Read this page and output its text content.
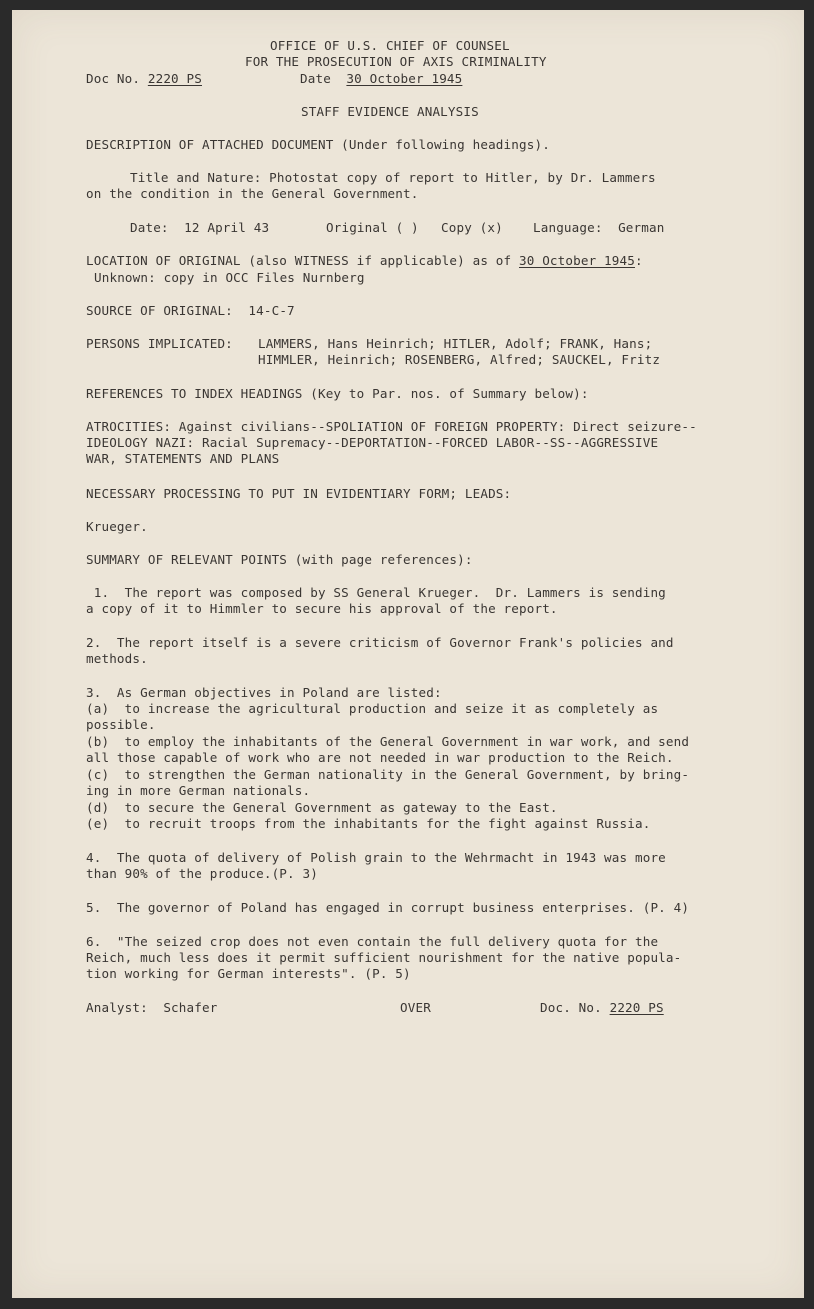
OFFICE OF U.S. CHIEF OF COUNSEL
FOR THE PROSECUTION OF AXIS CRIMINALITY
Doc No. 2220 PS	Date 30 October 1945
STAFF EVIDENCE ANALYSIS
DESCRIPTION OF ATTACHED DOCUMENT (Under following headings).
Title and Nature: Photostat copy of report to Hitler, by Dr. Lammers
on the condition in the General Government.
Date: 12 April 43	Original ( ) Copy (x) Language: German
LOCATION OF ORIGINAL (also WITNESS if applicable) as of 30 October 1945:
Unknown: copy in OCC Files Nurnberg
SOURCE OF ORIGINAL: 14-C-7
PERSONS IMPLICATED: LAMMERS, Hans Heinrich; HITLER, Adolf; FRANK, Hans;
HIMMLER, Heinrich; ROSENBERG, Alfred; SAUCKEL, Fritz
REFERENCES TO INDEX HEADINGS (Key to Par. nos. of Summary below):
ATROCITIES: Against civilians--SPOLIATION OF FOREIGN PROPERTY: Direct seizure--
IDEOLOGY NAZI: Racial Supremacy--DEPORTATION--FORCED LABOR--SS--AGGRESSIVE
WAR, STATEMENTS AND PLANS
NECESSARY PROCESSING TO PUT IN EVIDENTIARY FORM; LEADS:
Krueger.
SUMMARY OF RELEVANT POINTS (with page references):
1.  The report was composed by SS General Krueger.  Dr. Lammers is sending
a copy of it to Himmler to secure his approval of the report.
2.  The report itself is a severe criticism of Governor Frank's policies and
methods.
3.  As German objectives in Poland are listed:
(a)  to increase the agricultural production and seize it as completely as
possible.
(b)  to employ the inhabitants of the General Government in war work, and send
all those capable of work who are not needed in war production to the Reich.
(c)  to strengthen the German nationality in the General Government, by bring-
ing in more German nationals.
(d)  to secure the General Government as gateway to the East.
(e)  to recruit troops from the inhabitants for the fight against Russia.
4.  The quota of delivery of Polish grain to the Wehrmacht in 1943 was more
than 90% of the produce.(P. 3)
5.  The governor of Poland has engaged in corrupt business enterprises. (P. 4)
6.  "The seized crop does not even contain the full delivery quota for the
Reich, much less does it permit sufficient nourishment for the native popula-
tion working for German interests". (P. 5)
Analyst: Schafer	OVER	Doc. No. 2220 PS
